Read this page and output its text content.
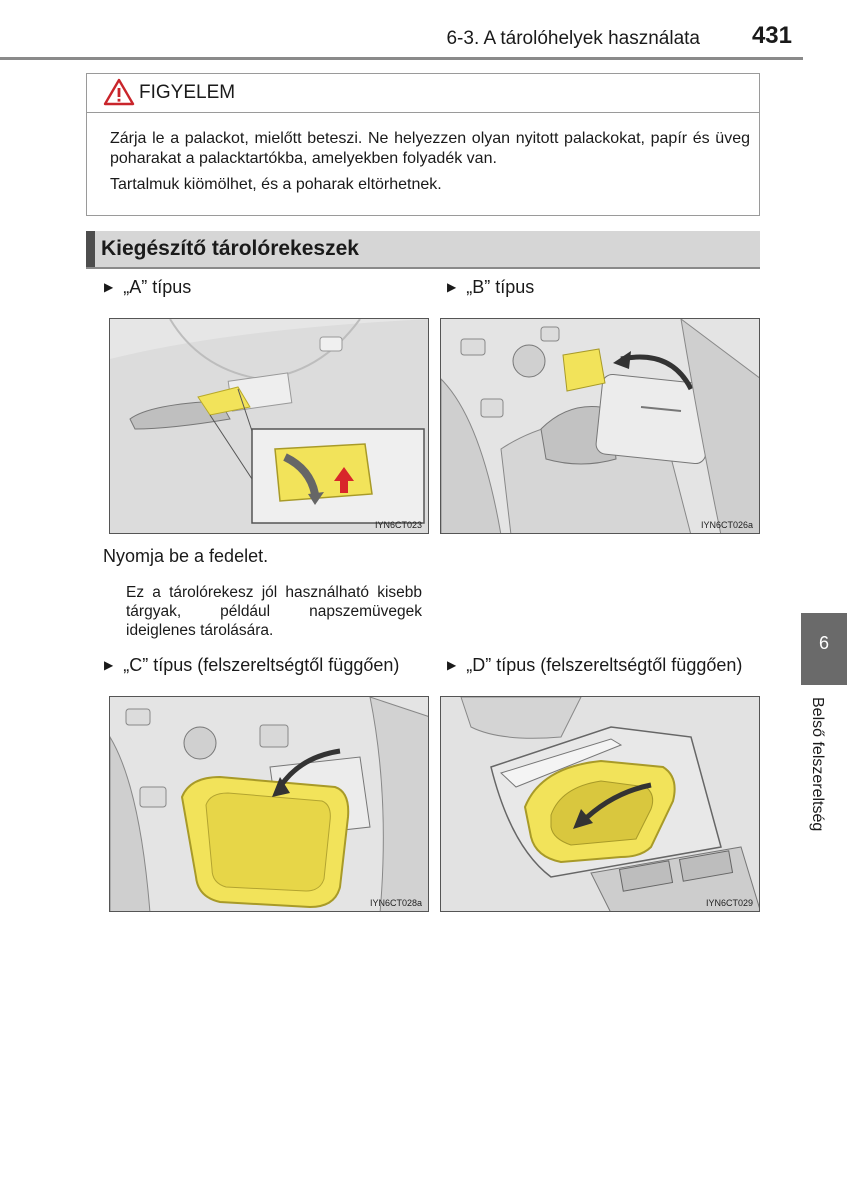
6-3. A tárolóhelyek használata	431
FIGYELEM
Zárja le a palackot, mielőtt beteszi. Ne helyezzen olyan nyitott palackokat, papír és üveg poharakat a palacktartókba, amelyekben folyadék van.
Tartalmuk kiömölhet, és a poharak eltörhetnek.
Kiegészítő tárolórekeszek
▶ „A” típus
IYN6CT023
▶ „B” típus
IYN6CT026a
Nyomja be a fedelet.
Ez a tárolórekesz jól használható kisebb tárgyak, például napszemüvegek ideiglenes tárolására.
▶ „C” típus (felszereltségtől függően)
IYN6CT028a
▶ „D” típus (felszereltségtől függően)
IYN6CT029
6
Belső felszereltség
